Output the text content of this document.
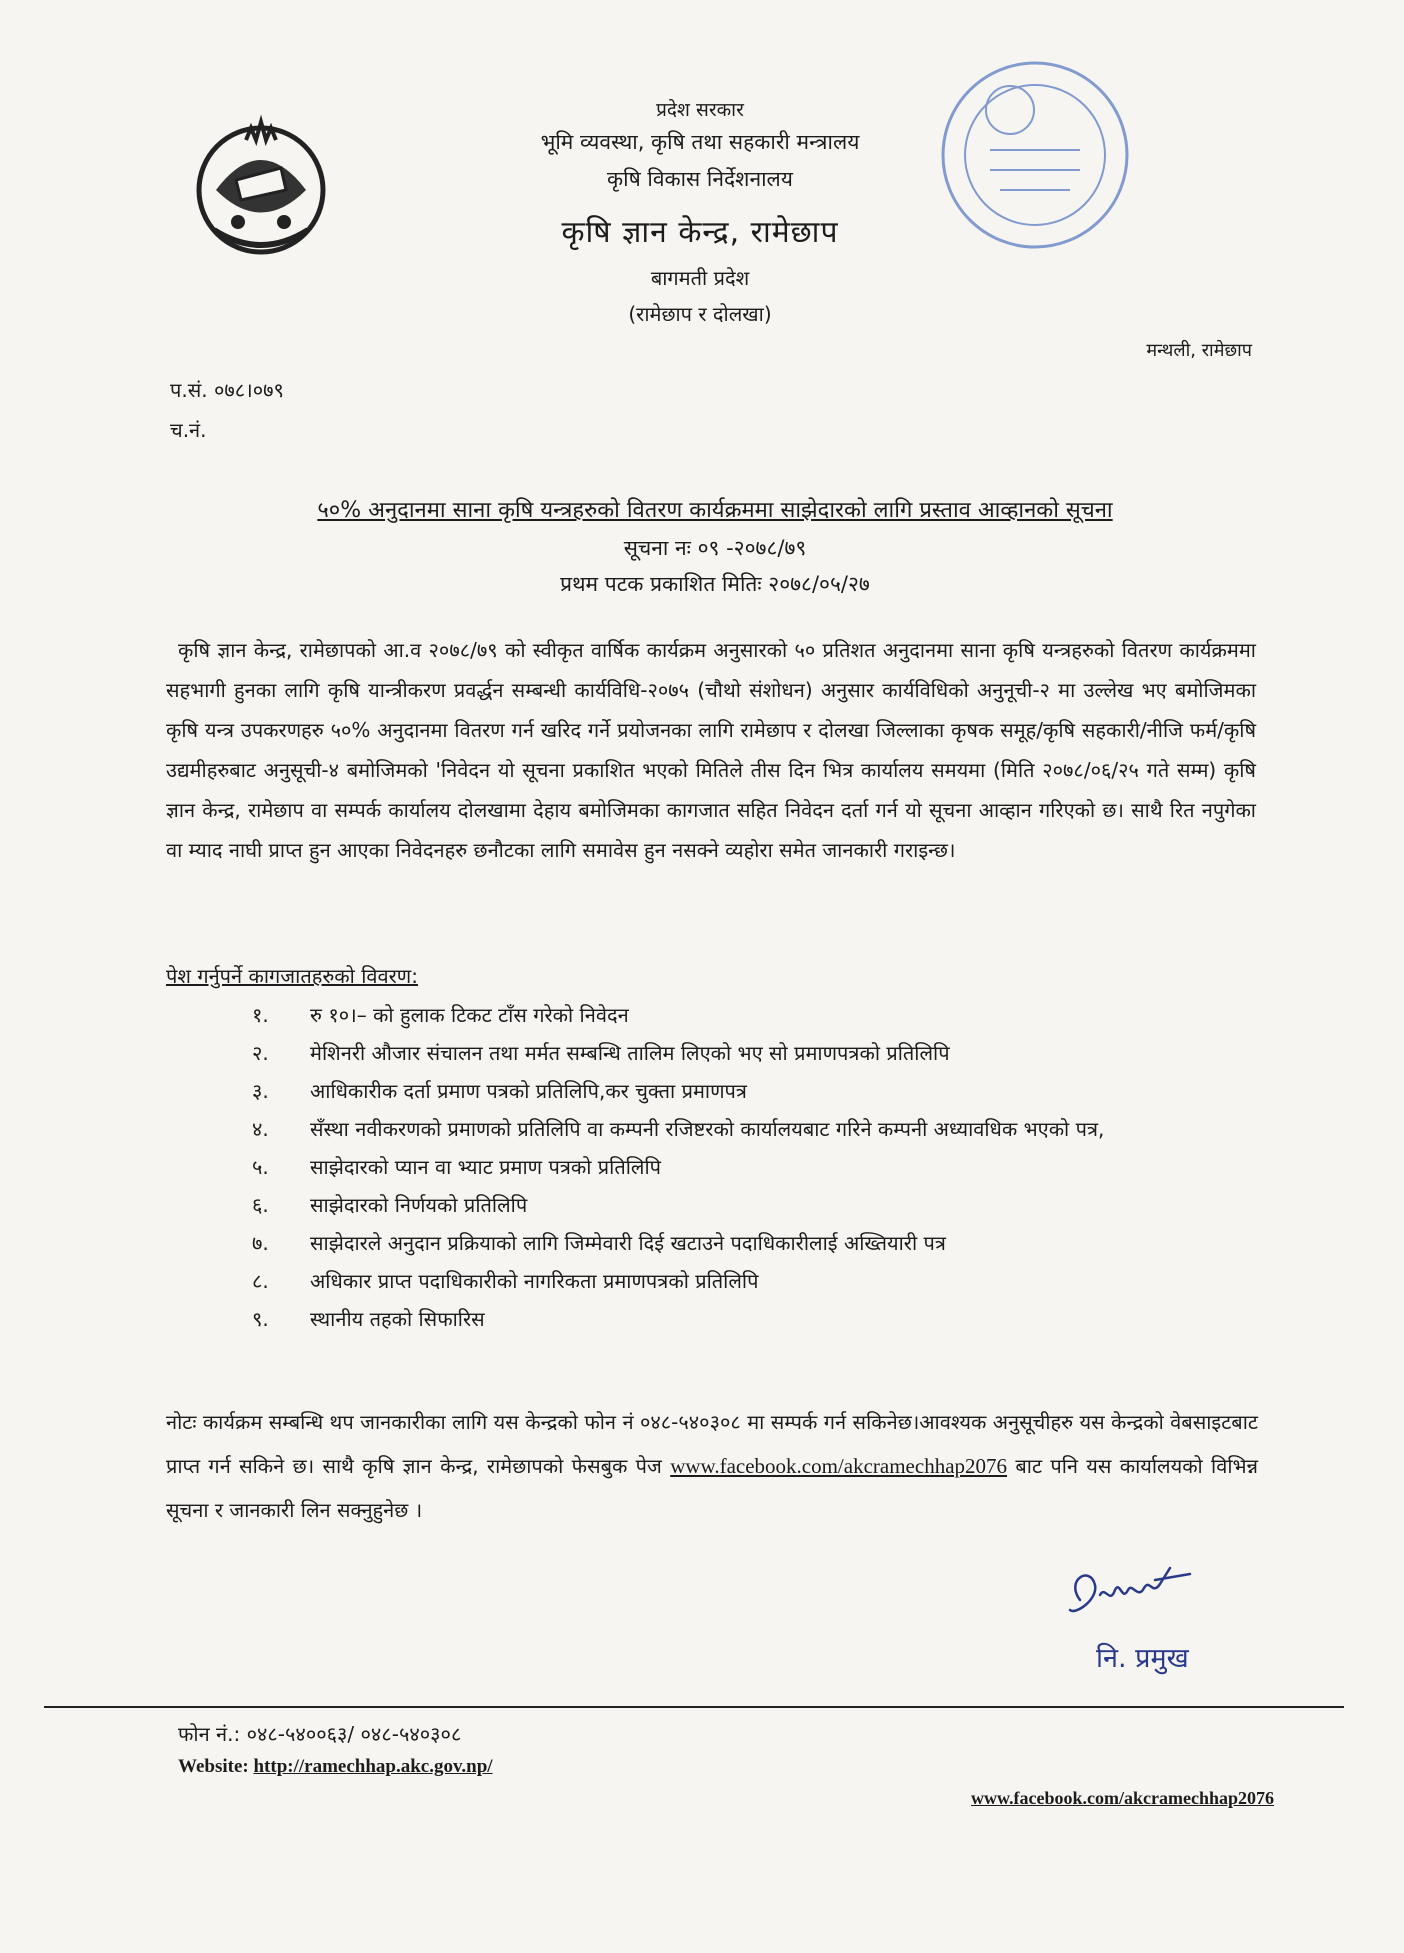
प्रदेश सरकार
भूमि व्यवस्था, कृषि तथा सहकारी मन्त्रालय
कृषि विकास निर्देशनालय
कृषि ज्ञान केन्द्र, रामेछाप
बागमती प्रदेश
(रामेछाप र दोलखा)
मन्थली, रामेछाप
प.सं. ०७८।०७९
च.नं.
५०% अनुदानमा साना कृषि यन्त्रहरुको वितरण कार्यक्रममा साझेदारको लागि प्रस्ताव आव्हानको सूचना
सूचना नः ०९ -२०७८/७९
प्रथम पटक प्रकाशित मितिः २०७८/०५/२७

कृषि ज्ञान केन्द्र, रामेछापको आ.व २०७८/७९ को स्वीकृत वार्षिक कार्यक्रम अनुसारको ५० प्रतिशत अनुदानमा साना कृषि यन्त्रहरुको वितरण कार्यक्रममा सहभागी हुनका लागि कृषि यान्त्रीकरण प्रवर्द्धन सम्बन्धी कार्यविधि-२०७५ (चौथो संशोधन) अनुसार कार्यविधिको अनुनूची-२ मा उल्लेख भए बमोजिमका कृषि यन्त्र उपकरणहरु ५०% अनुदानमा वितरण गर्न खरिद गर्ने प्रयोजनका लागि रामेछाप र दोलखा जिल्लाका कृषक समूह/कृषि सहकारी/नीजि फर्म/कृषि उद्यमीहरुबाट अनुसूची-४ बमोजिमको 'निवेदन यो सूचना प्रकाशित भएको मितिले तीस दिन भित्र कार्यालय समयमा (मिति २०७८/०६/२५ गते सम्म) कृषि ज्ञान केन्द्र, रामेछाप वा सम्पर्क कार्यालय दोलखामा देहाय बमोजिमका कागजात सहित निवेदन दर्ता गर्न यो सूचना आव्हान गरिएको छ। साथै रित नपुगेका वा म्याद नाघी प्राप्त हुन आएका निवेदनहरु छनौटका लागि समावेस हुन नसक्ने व्यहोरा समेत जानकारी गराइन्छ।

पेश गर्नुपर्ने कागजातहरुको विवरण:
१.	रु १०।– को हुलाक टिकट टाँस गरेको निवेदन
२.	मेशिनरी औजार संचालन तथा मर्मत सम्बन्धि तालिम लिएको भए सो प्रमाणपत्रको प्रतिलिपि
३.	आधिकारीक दर्ता प्रमाण पत्रको प्रतिलिपि,कर चुक्ता प्रमाणपत्र
४.	सँस्था नवीकरणको प्रमाणको प्रतिलिपि वा कम्पनी रजिष्टरको कार्यालयबाट गरिने कम्पनी अध्यावधिक भएको पत्र,
५.	साझेदारको प्यान वा भ्याट प्रमाण पत्रको प्रतिलिपि
६.	साझेदारको निर्णयको प्रतिलिपि
७.	साझेदारले अनुदान प्रक्रियाको लागि जिम्मेवारी दिई खटाउने पदाधिकारीलाई अख्तियारी पत्र
८.	अधिकार प्राप्त पदाधिकारीको नागरिकता प्रमाणपत्रको प्रतिलिपि
९.	स्थानीय तहको सिफारिस

नोटः कार्यक्रम सम्बन्धि थप जानकारीका लागि यस केन्द्रको फोन नं ०४८-५४०३०८ मा सम्पर्क गर्न सकिनेछ।आवश्यक अनुसूचीहरु यस केन्द्रको वेबसाइटबाट प्राप्त गर्न सकिने छ। साथै कृषि ज्ञान केन्द्र, रामेछापको फेसबुक पेज www.facebook.com/akcramechhap2076 बाट पनि यस कार्यालयको विभिन्न सूचना र जानकारी लिन सक्नुहुनेछ ।

नि. प्रमुख
फोन नं.: ०४८-५४००६३/ ०४८-५४०३०८
Website: http://ramechhap.akc.gov.np/
www.facebook.com/akcramechhap2076
